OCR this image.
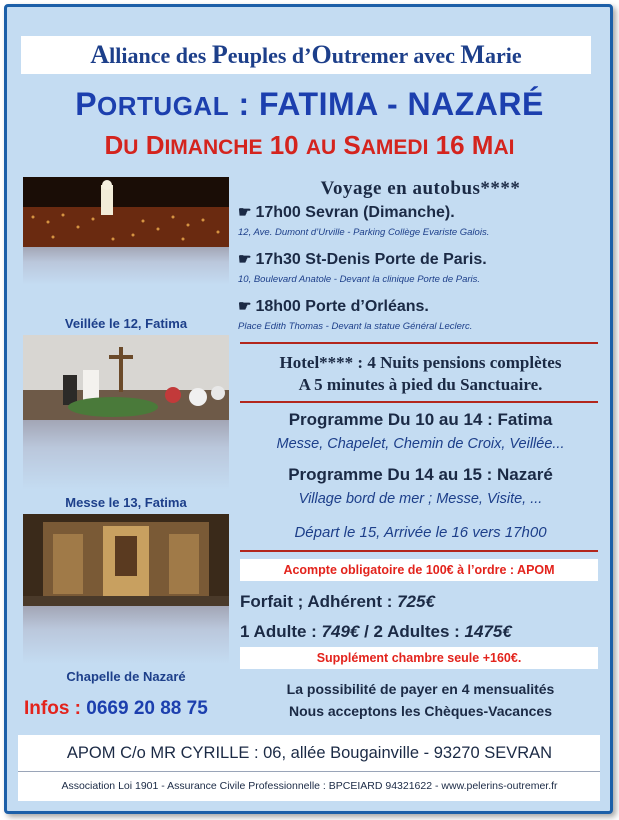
Alliance des Peuples d’Outremer avec Marie
PORTUGAL : FATIMA - NAZARÉ
DU DIMANCHE 10 AU SAMEDI 16 MAI
Veillée le 12, Fatima
Messe le 13, Fatima
Chapelle de Nazaré
Infos : 0669 20 88 75
Voyage en autobus****
☛ 17h00 Sevran (Dimanche).
12, Ave. Dumont d’Urville - Parking Collège Evariste Galois.
☛ 17h30 St-Denis Porte de Paris.
10, Boulevard Anatole - Devant la clinique Porte de Paris.
☛ 18h00 Porte d’Orléans.
Place Edith Thomas - Devant la statue Général Leclerc.
Hotel**** : 4 Nuits pensions complètes
A 5 minutes à pied du Sanctuaire.
Programme Du 10 au 14 : Fatima
Messe, Chapelet, Chemin de Croix, Veillée...
Programme Du 14 au 15 : Nazaré
Village bord de mer ; Messe, Visite, ...
Départ le 15, Arrivée le 16 vers 17h00
Acompte obligatoire de 100€ à l’ordre : APOM
Forfait ; Adhérent : 725€
1 Adulte : 749€ / 2 Adultes : 1475€
Supplément chambre seule +160€.
La possibilité de payer en 4 mensualités
Nous acceptons les Chèques-Vacances
APOM C/o MR CYRILLE : 06, allée Bougainville - 93270 SEVRAN
Association Loi 1901 - Assurance Civile Professionnelle : BPCEIARD 94321622 - www.pelerins-outremer.fr
